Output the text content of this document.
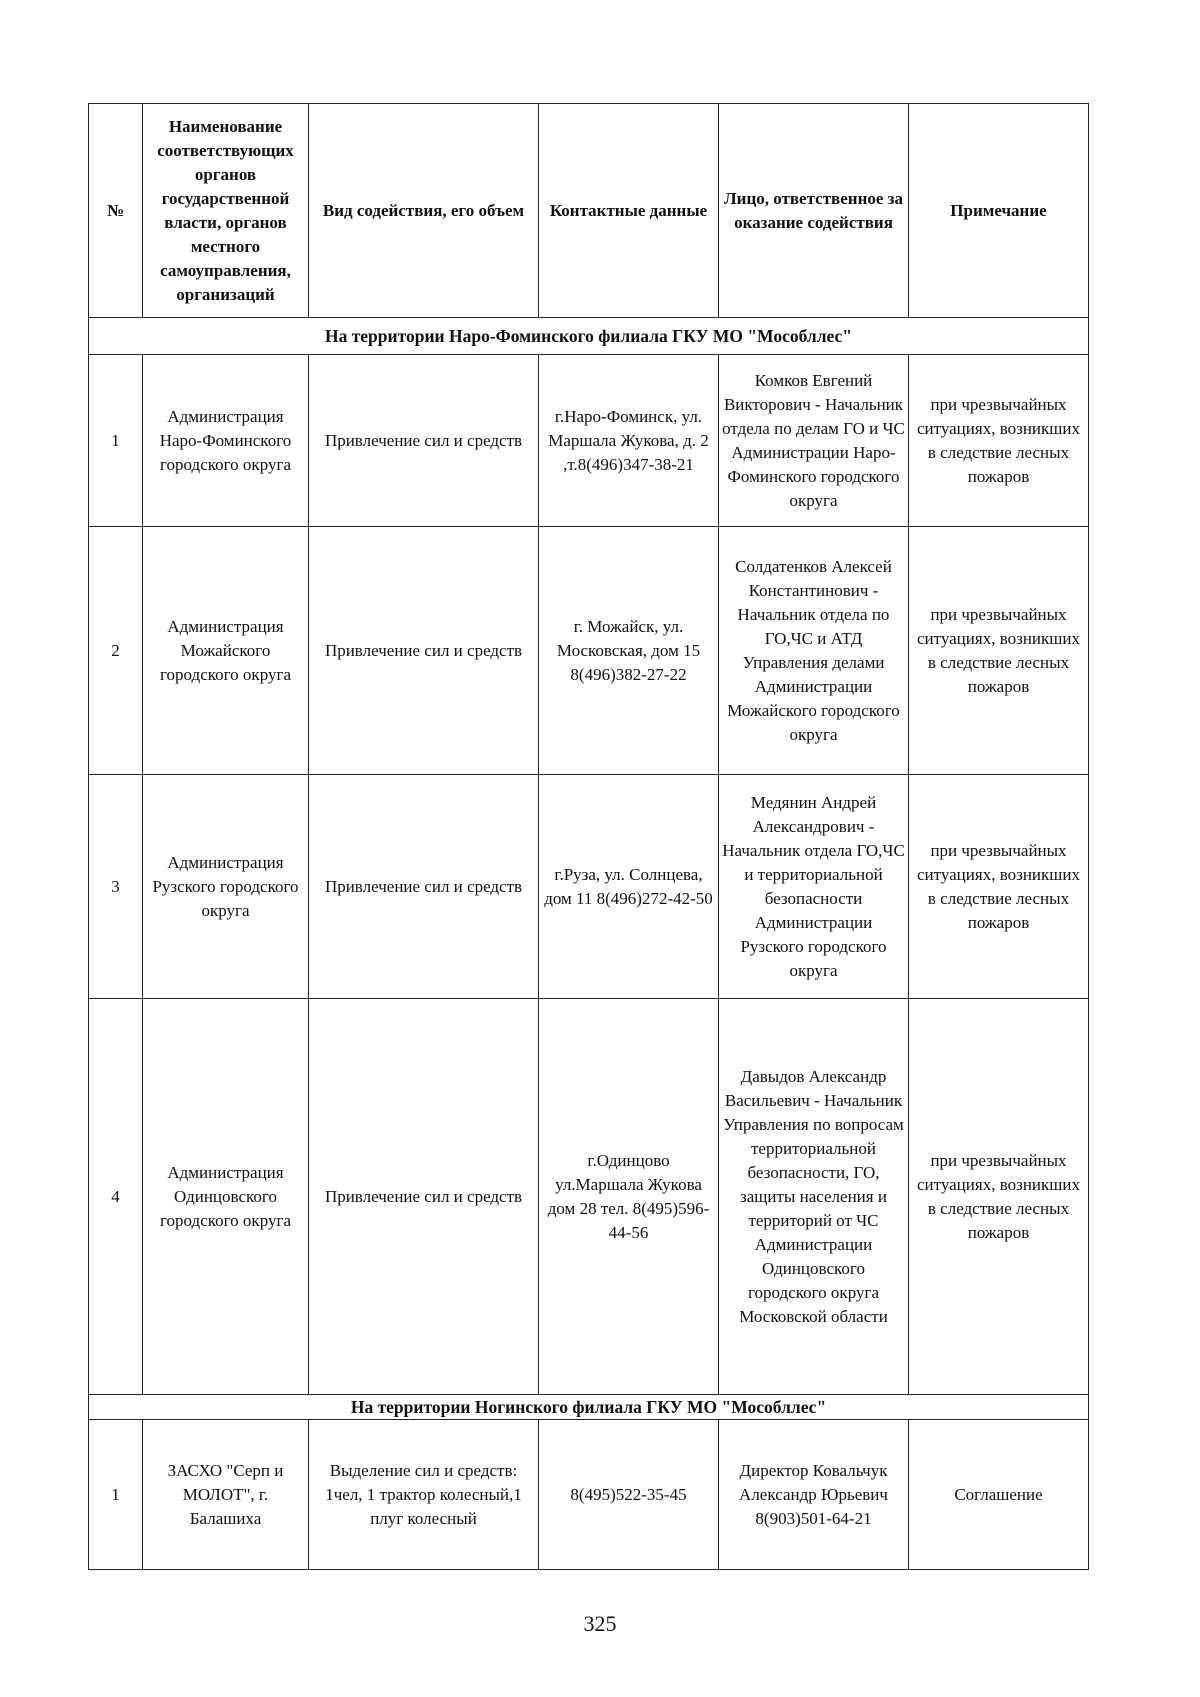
№	Наименование соответствующих органов государственной власти, органов местного самоуправления, организаций	Вид содействия, его объем	Контактные данные	Лицо, ответственное за оказание содействия	Примечание
На территории Наро-Фоминского филиала ГКУ МО "Мособллес"					
1	Администрация Наро-Фоминского городского округа	Привлечение сил и средств	г.Наро-Фоминск, ул. Маршала Жукова, д. 2 ,т.8(496)347-38-21	Комков Евгений Викторович - Начальник отдела по делам ГО и ЧС Администрации Наро-Фоминского городского округа	при чрезвычайных ситуациях, возникших в следствие лесных пожаров
2	Администрация Можайского городского округа	Привлечение сил и средств	г. Можайск, ул. Московская, дом 15 8(496)382-27-22	Солдатенков Алексей Константинович - Начальник отдела по ГО,ЧС и АТД Управления делами Администрации Можайского городского округа	при чрезвычайных ситуациях, возникших в следствие лесных пожаров
3	Администрация Рузского городского округа	Привлечение сил и средств	г.Руза, ул. Солнцева, дом 11 8(496)272-42-50	Медянин Андрей Александрович - Начальник отдела ГО,ЧС и территориальной безопасности Администрации Рузского городского округа	при чрезвычайных ситуациях, возникших в следствие лесных пожаров
4	Администрация Одинцовского городского округа	Привлечение сил и средств	г.Одинцово ул.Маршала Жукова дом 28 тел. 8(495)596-44-56	Давыдов Александр Васильевич - Начальник Управления по вопросам территориальной безопасности, ГО, защиты населения и территорий от ЧС Администрации Одинцовского городского округа Московской области	при чрезвычайных ситуациях, возникших в следствие лесных пожаров
На территории Ногинского филиала ГКУ МО "Мособллес"					
1	ЗАСХО "Серп и МОЛОТ", г. Балашиха	Выделение сил и средств: 1чел, 1 трактор колесный,1 плуг колесный	8(495)522-35-45	Директор Ковальчук Александр Юрьевич 8(903)501-64-21	Соглашение
325
